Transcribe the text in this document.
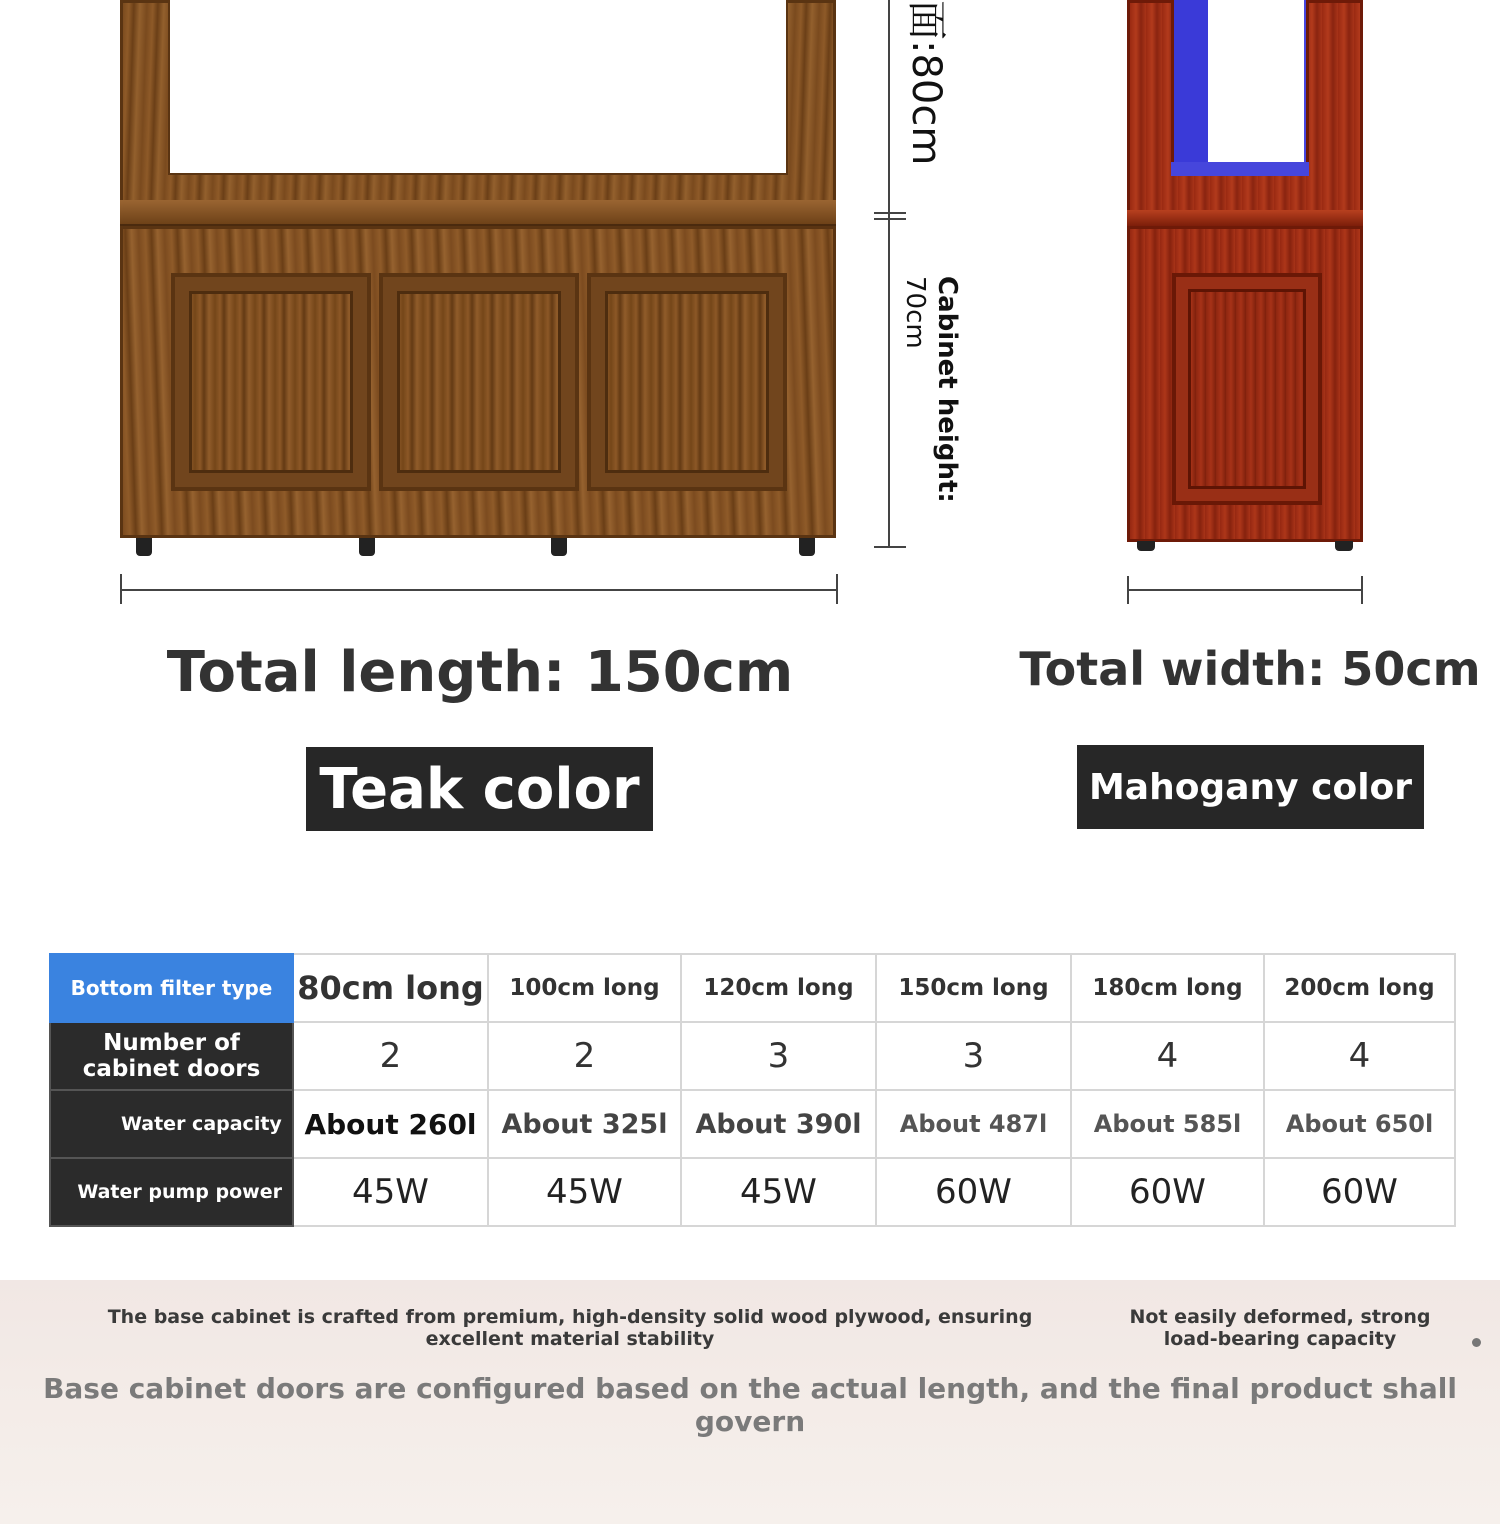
面:80cm
Cabinet height:
70cm
Total length: 150cm	Total width: 50cm
Teak color	Mahogany color
Bottom filter type	80cm long	100cm long	120cm long	150cm long	180cm long	200cm long
Number of cabinet doors	2	2	3	3	4	4
Water capacity	About 260l	About 325l	About 390l	About 487l	About 585l	About 650l
Water pump power	45W	45W	45W	60W	60W	60W
The base cabinet is crafted from premium, high-density solid wood plywood, ensuring excellent material stability
Not easily deformed, strong load-bearing capacity
Base cabinet doors are configured based on the actual length, and the final product shall govern
